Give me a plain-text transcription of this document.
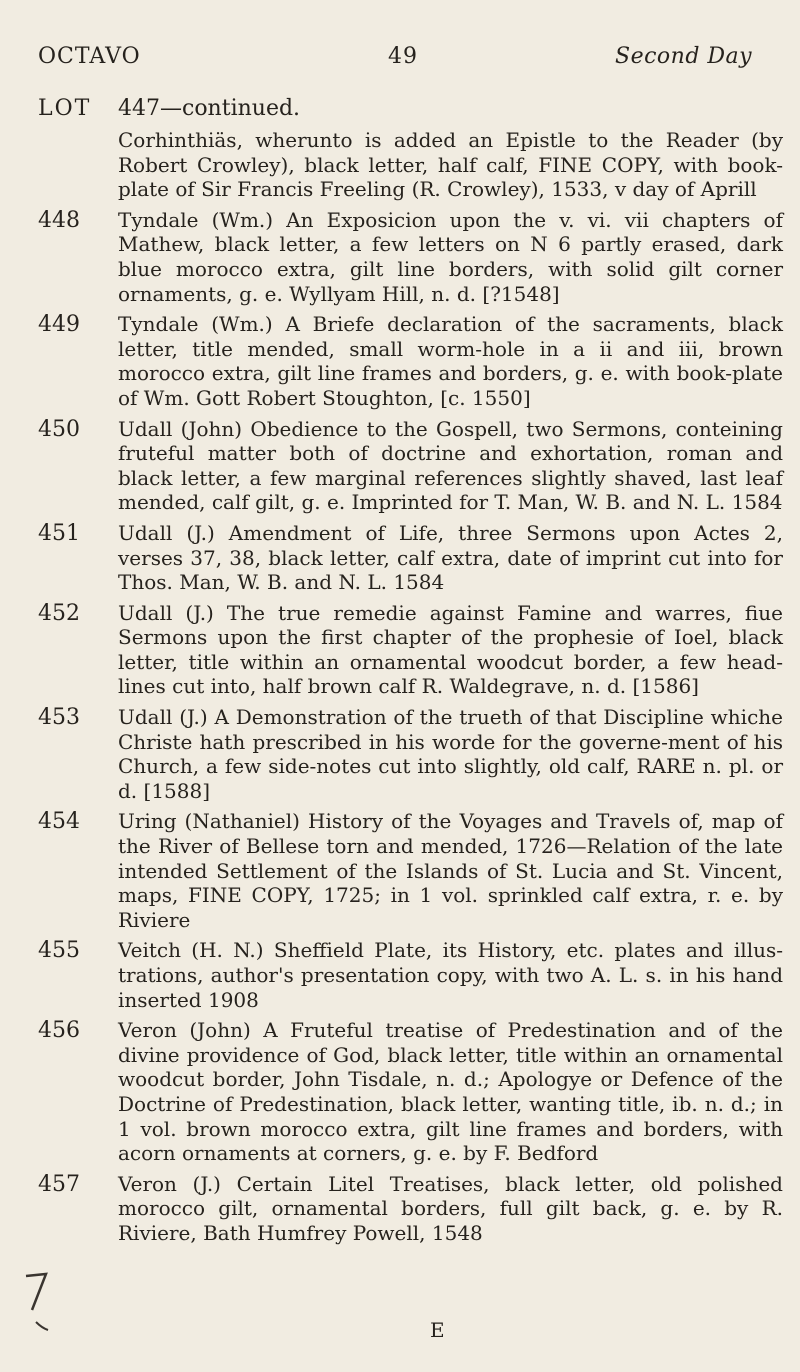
OCTAVO	49	Second Day
LOT 447—continued.
Corhinthiäs, wherunto is added an Epistle to the Reader (by Robert Crowley), black letter, half calf, FINE COPY, with book-plate of Sir Francis Freeling (R. Crowley), 1533, v day of Aprill
448	Tyndale (Wm.) An Exposicion upon the v. vi. vii chapters of Mathew, black letter, a few letters on N 6 partly erased, dark blue morocco extra, gilt line borders, with solid gilt corner ornaments, g. e. Wyllyam Hill, n. d. [?1548]
449	Tyndale (Wm.) A Briefe declaration of the sacraments, black letter, title mended, small worm-hole in a ii and iii, brown morocco extra, gilt line frames and borders, g. e. with book-plate of Wm. Gott Robert Stoughton, [c. 1550]
450	Udall (John) Obedience to the Gospell, two Sermons, conteining fruteful matter both of doctrine and exhortation, roman and black letter, a few marginal references slightly shaved, last leaf mended, calf gilt, g. e. Imprinted for T. Man, W. B. and N. L. 1584
451	Udall (J.) Amendment of Life, three Sermons upon Actes 2, verses 37, 38, black letter, calf extra, date of imprint cut into for Thos. Man, W. B. and N. L. 1584
452	Udall (J.) The true remedie against Famine and warres, fiue Sermons upon the first chapter of the prophesie of Ioel, black letter, title within an ornamental woodcut border, a few head-lines cut into, half brown calf R. Waldegrave, n. d. [1586]
453	Udall (J.) A Demonstration of the trueth of that Discipline whiche Christe hath prescribed in his worde for the governe-ment of his Church, a few side-notes cut into slightly, old calf, RARE n. pl. or d. [1588]
454	Uring (Nathaniel) History of the Voyages and Travels of, map of the River of Bellese torn and mended, 1726—Relation of the late intended Settlement of the Islands of St. Lucia and St. Vincent, maps, FINE COPY, 1725; in 1 vol. sprinkled calf extra, r. e. by Riviere
455	Veitch (H. N.) Sheffield Plate, its History, etc. plates and illus-trations, author's presentation copy, with two A. L. s. in his hand inserted 1908
456	Veron (John) A Fruteful treatise of Predestination and of the divine providence of God, black letter, title within an ornamental woodcut border, John Tisdale, n. d.; Apologye or Defence of the Doctrine of Predestination, black letter, wanting title, ib. n. d.; in 1 vol. brown morocco extra, gilt line frames and borders, with acorn ornaments at corners, g. e. by F. Bedford
457	Veron (J.) Certain Litel Treatises, black letter, old polished morocco gilt, ornamental borders, full gilt back, g. e. by R. Riviere, Bath Humfrey Powell, 1548
E
